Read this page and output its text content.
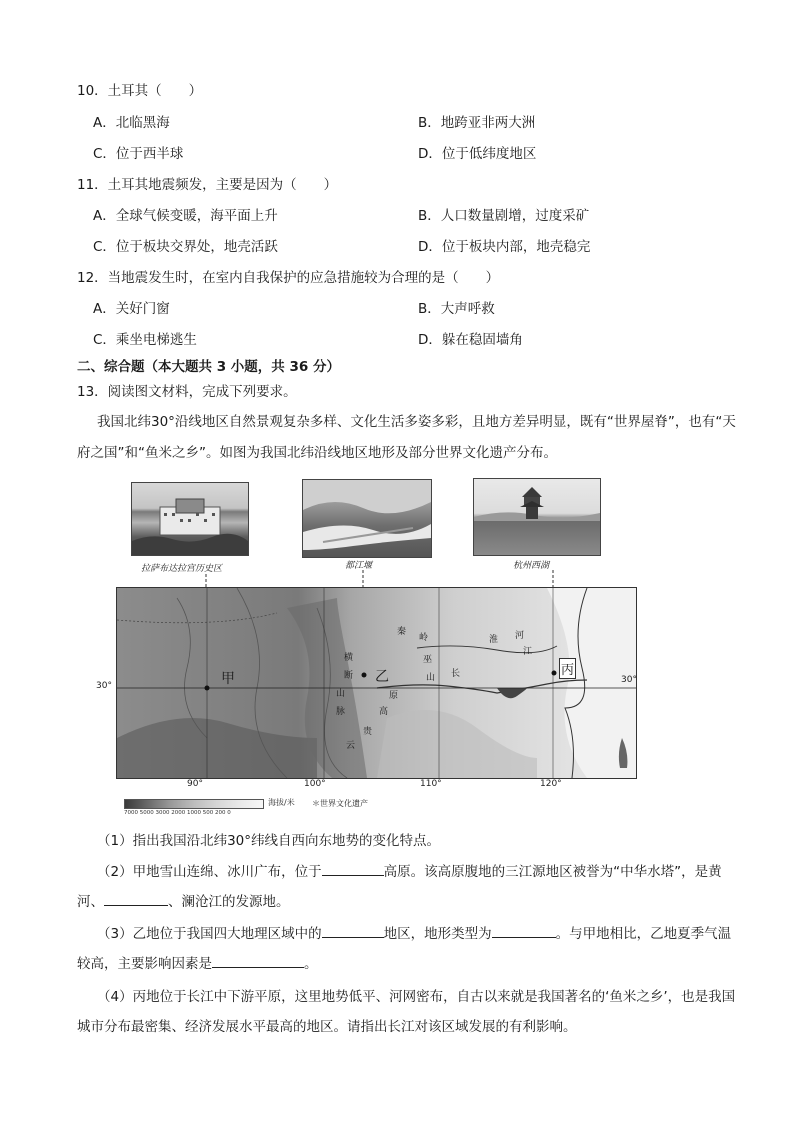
10．土耳其（　　）
A．北临黑海	B．地跨亚非两大洲
C．位于西半球	D．位于低纬度地区
11．土耳其地震频发，主要是因为（　　）
A．全球气候变暖，海平面上升	B．人口数量剧增，过度采矿
C．位于板块交界处，地壳活跃	D．位于板块内部，地壳稳完
12．当地震发生时，在室内自我保护的应急措施较为合理的是（　　）
A．关好门窗	B．大声呼救
C．乘坐电梯逃生	D．躲在稳固墙角
二、综合题（本大题共 3 小题，共 36 分）
13．阅读图文材料，完成下列要求。
我国北纬30°沿线地区自然景观复杂多样、文化生活多姿多彩，且地方差异明显，既有“世界屋脊”，也有“天府之国”和“鱼米之乡”。如图为我国北纬沿线地区地形及部分世界文化遗产分布。
拉萨布达拉宫历史区	都江堰	杭州西湖
甲	乙	丙
横
断
山
脉
秦
岭
巫
山 长
江
淮 河
云
贵
高
原
30°
30°
90°	100°	110°	120°
7000 5000 3000 2000 1000 500 200 0
海拔/米 ＊世界文化遗产
（1）指出我国沿北纬30°纬线自西向东地势的变化特点。
（2）甲地雪山连绵、冰川广布，位于	高原。该高原腹地的三江源地区被誉为“中华水塔”，是黄河、	、澜沧江的发源地。
（3）乙地位于我国四大地理区域中的	地区，地形类型为	。与甲地相比，乙地夏季气温较高，主要影响因素是	。
（4）丙地位于长江中下游平原，这里地势低平、河网密布，自古以来就是我国著名的‘鱼米之乡’，也是我国城市分布最密集、经济发展水平最高的地区。请指出长江对该区域发展的有利影响。
